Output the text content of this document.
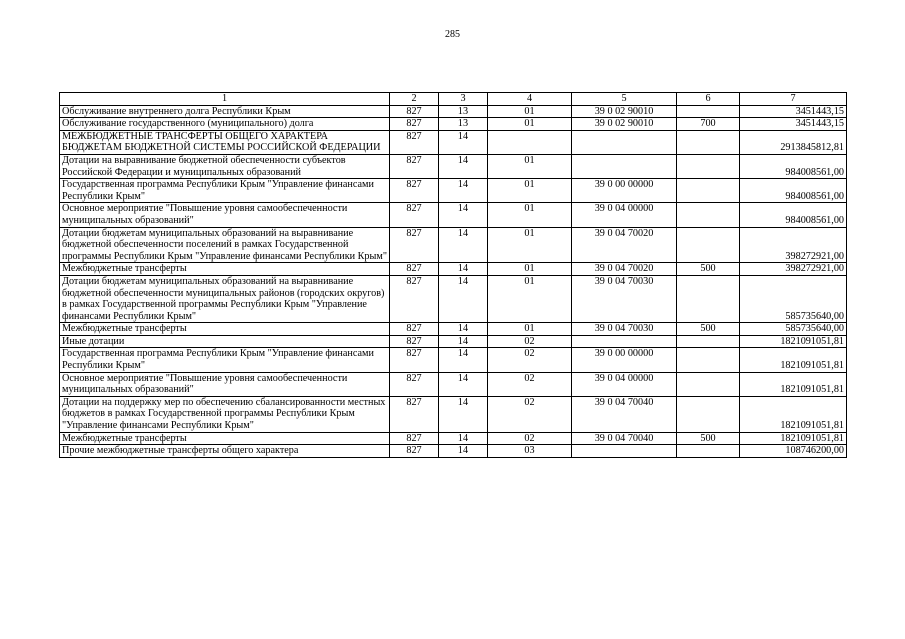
285
1	2	3	4	5	6	7
Обслуживание внутреннего долга Республики Крым	827	13	01	39 0 02 90010		3451443,15
Обслуживание государственного (муниципального) долга	827	13	01	39 0 02 90010	700	3451443,15
МЕЖБЮДЖЕТНЫЕ ТРАНСФЕРТЫ ОБЩЕГО ХАРАКТЕРА БЮДЖЕТАМ БЮДЖЕТНОЙ СИСТЕМЫ РОССИЙСКОЙ ФЕДЕРАЦИИ	827	14				2913845812,81
Дотации на выравнивание бюджетной обеспеченности субъектов Российской Федерации и муниципальных образований	827	14	01			984008561,00
Государственная программа Республики Крым "Управление финансами Республики Крым"	827	14	01	39 0 00 00000		984008561,00
Основное мероприятие "Повышение уровня самообеспеченности муниципальных образований"	827	14	01	39 0 04 00000		984008561,00
Дотации бюджетам муниципальных образований на выравнивание бюджетной обеспеченности поселений в рамках Государственной программы Республики Крым "Управление финансами Республики Крым"	827	14	01	39 0 04 70020		398272921,00
Межбюджетные трансферты	827	14	01	39 0 04 70020	500	398272921,00
Дотации бюджетам муниципальных образований на выравнивание бюджетной обеспеченности муниципальных районов (городских округов) в рамках Государственной программы Республики Крым "Управление финансами Республики Крым"	827	14	01	39 0 04 70030		585735640,00
Межбюджетные трансферты	827	14	01	39 0 04 70030	500	585735640,00
Иные дотации	827	14	02			1821091051,81
Государственная программа Республики Крым "Управление финансами Республики Крым"	827	14	02	39 0 00 00000		1821091051,81
Основное мероприятие "Повышение уровня самообеспеченности муниципальных образований"	827	14	02	39 0 04 00000		1821091051,81
Дотации на поддержку мер по обеспечению сбалансированности местных бюджетов в рамках Государственной программы Республики Крым "Управление финансами Республики Крым"	827	14	02	39 0 04 70040		1821091051,81
Межбюджетные трансферты	827	14	02	39 0 04 70040	500	1821091051,81
Прочие межбюджетные трансферты общего характера	827	14	03			108746200,00
